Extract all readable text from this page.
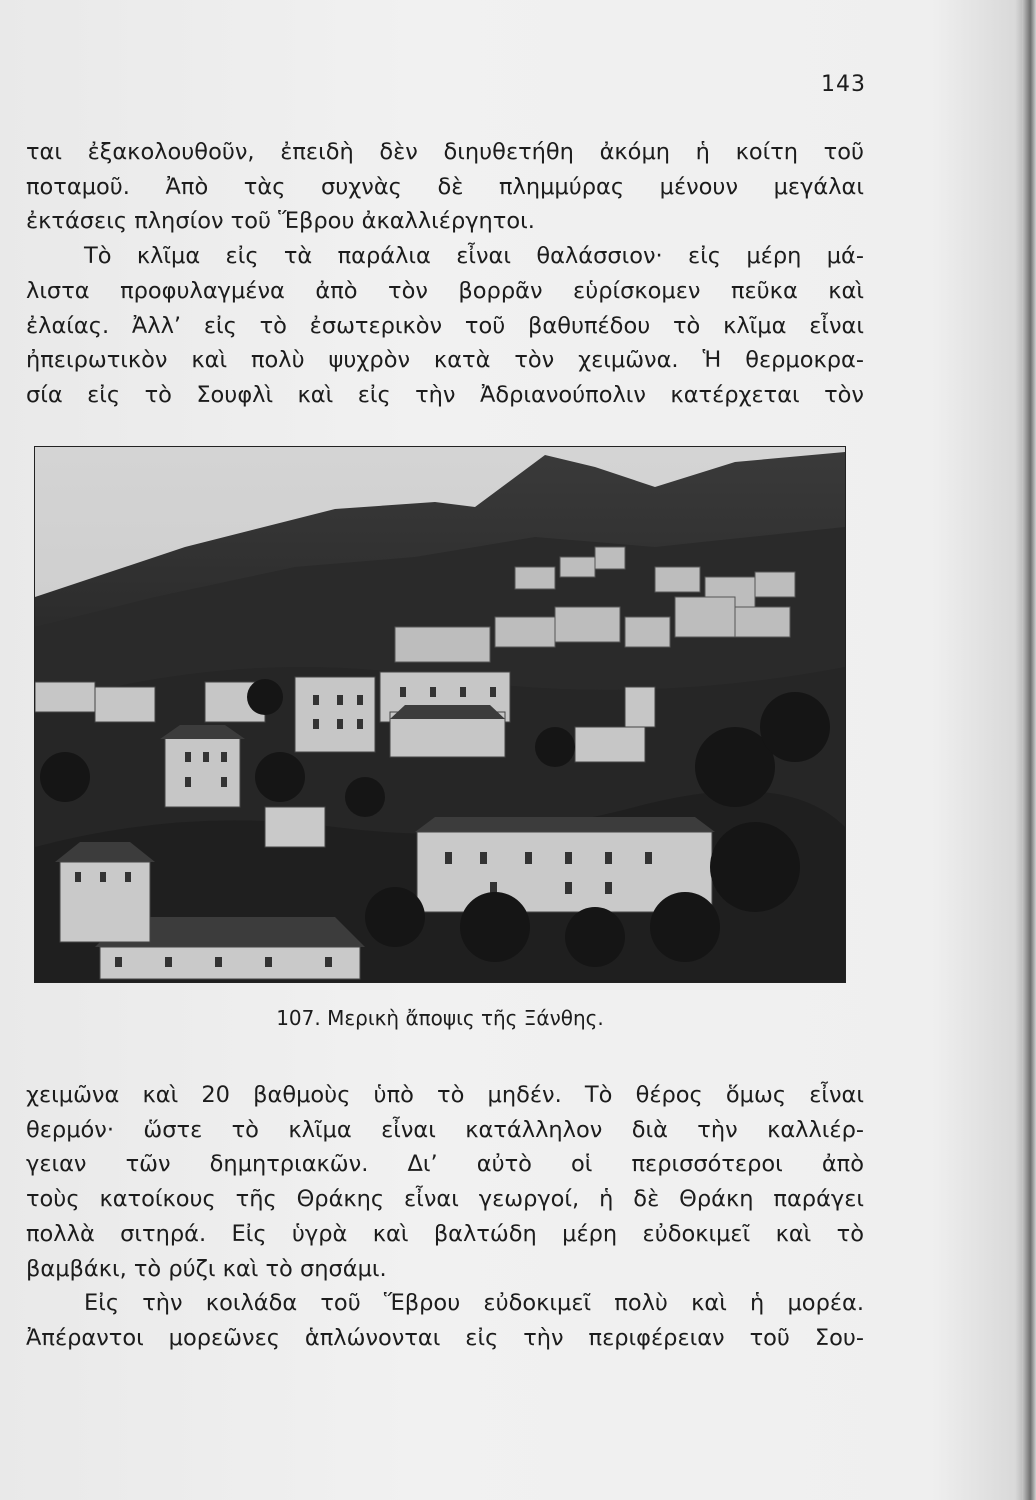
143
ται ἐξακολουθοῦν, ἐπειδὴ δὲν διηυθετήθη ἀκόμη ἡ κοίτη τοῦ
ποταμοῦ. Ἀπὸ τὰς συχνὰς δὲ πλημμύρας μένουν μεγάλαι
ἐκτάσεις πλησίον τοῦ Ἕβρου ἀκαλλιέργητοι.
Τὸ κλῖμα εἰς τὰ παράλια εἶναι θαλάσσιον· εἰς μέρη μά-
λιστα προφυλαγμένα ἀπὸ τὸν βορρᾶν εὑρίσκομεν πεῦκα καὶ
ἐλαίας. Ἀλλ’ εἰς τὸ ἐσωτερικὸν τοῦ βαθυπέδου τὸ κλῖμα εἶναι
ἠπειρωτικὸν καὶ πολὺ ψυχρὸν κατὰ τὸν χειμῶνα. Ἡ θερμοκρα-
σία εἰς τὸ Σουφλὶ καὶ εἰς τὴν Ἀδριανούπολιν κατέρχεται τὸν
107. Μερικὴ ἄποψις τῆς Ξάνθης.
χειμῶνα καὶ 20 βαθμοὺς ὑπὸ τὸ μηδέν. Τὸ θέρος ὅμως εἶναι
θερμόν· ὥστε τὸ κλῖμα εἶναι κατάλληλον διὰ τὴν καλλιέρ-
γειαν τῶν δημητριακῶν. Δι’ αὐτὸ οἱ περισσότεροι ἀπὸ
τοὺς κατοίκους τῆς Θράκης εἶναι γεωργοί, ἡ δὲ Θράκη παράγει
πολλὰ σιτηρά. Εἰς ὑγρὰ καὶ βαλτώδη μέρη εὐδοκιμεῖ καὶ τὸ
βαμβάκι, τὸ ρύζι καὶ τὸ σησάμι.
Εἰς τὴν κοιλάδα τοῦ Ἕβρου εὐδοκιμεῖ πολὺ καὶ ἡ μορέα.
Ἀπέραντοι μορεῶνες ἁπλώνονται εἰς τὴν περιφέρειαν τοῦ Σου-
